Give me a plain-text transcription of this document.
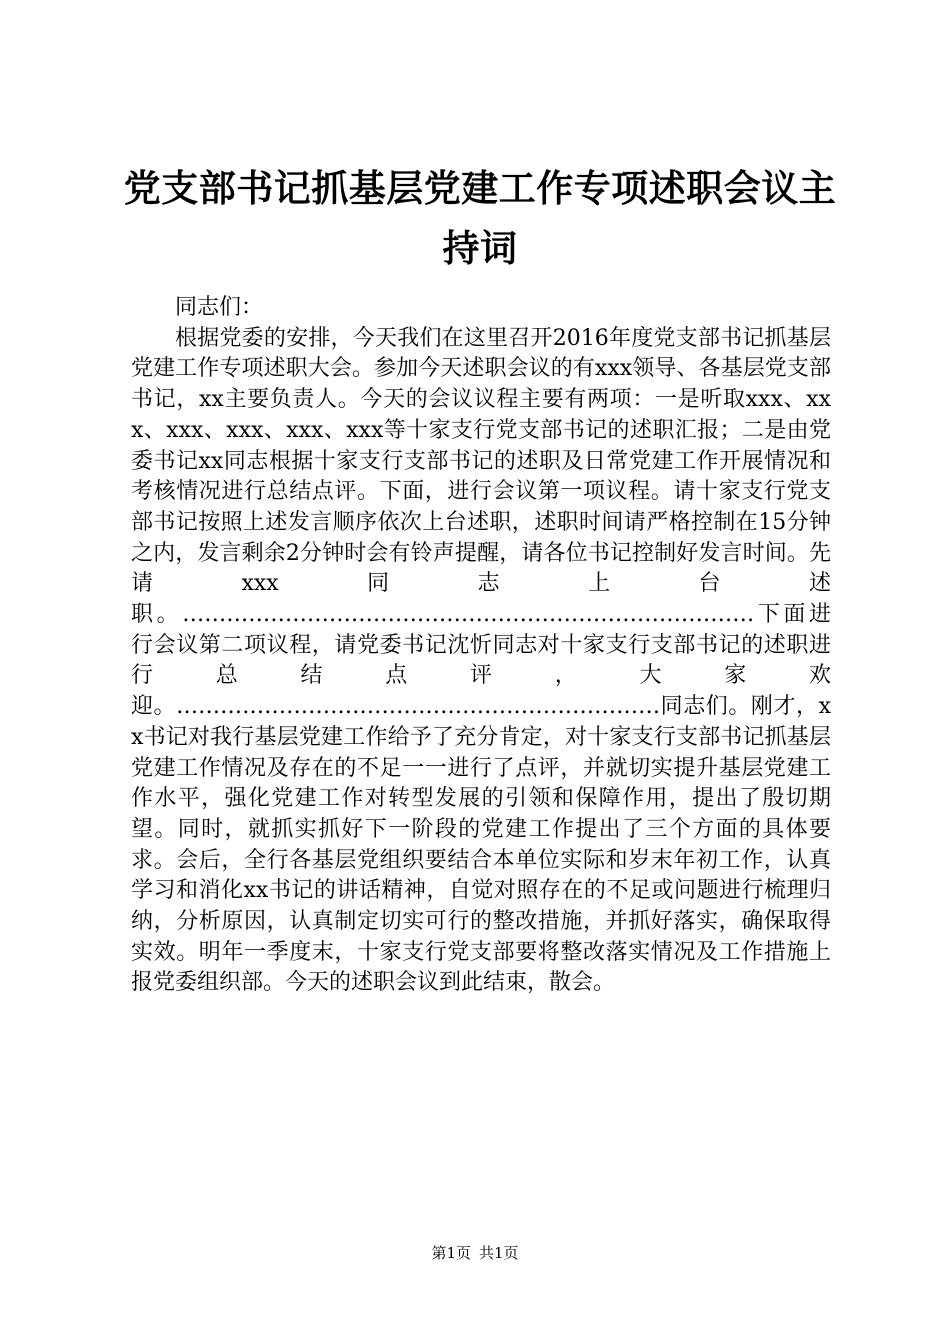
党支部书记抓基层党建工作专项述职会议主持词

同志们：

根据党委的安排，今天我们在这里召开2016年度党支部书记抓基层党建工作专项述职大会。参加今天述职会议的有xxx领导、各基层党支部书记，xx主要负责人。今天的会议议程主要有两项：一是听取xxx、xxx、xxx、xxx、xxx、xxx等十家支行党支部书记的述职汇报；二是由党委书记xx同志根据十家支行支部书记的述职及日常党建工作开展情况和考核情况进行总结点评。下面，进行会议第一项议程。请十家支行党支部书记按照上述发言顺序依次上台述职，述职时间请严格控制在15分钟之内，发言剩余2分钟时会有铃声提醒，请各位书记控制好发言时间。先请xxx同志上台述职。……………………………………………………………………下面进行会议第二项议程，请党委书记沈忻同志对十家支行支部书记的述职进行总结点评，大家欢迎。…………………………………………………………同志们。刚才，xx书记对我行基层党建工作给予了充分肯定，对十家支行支部书记抓基层党建工作情况及存在的不足一一进行了点评，并就切实提升基层党建工作水平，强化党建工作对转型发展的引领和保障作用，提出了殷切期望。同时，就抓实抓好下一阶段的党建工作提出了三个方面的具体要求。会后，全行各基层党组织要结合本单位实际和岁末年初工作，认真学习和消化xx书记的讲话精神，自觉对照存在的不足或问题进行梳理归纳，分析原因，认真制定切实可行的整改措施，并抓好落实，确保取得实效。明年一季度末，十家支行党支部要将整改落实情况及工作措施上报党委组织部。今天的述职会议到此结束，散会。

第1页 共1页
